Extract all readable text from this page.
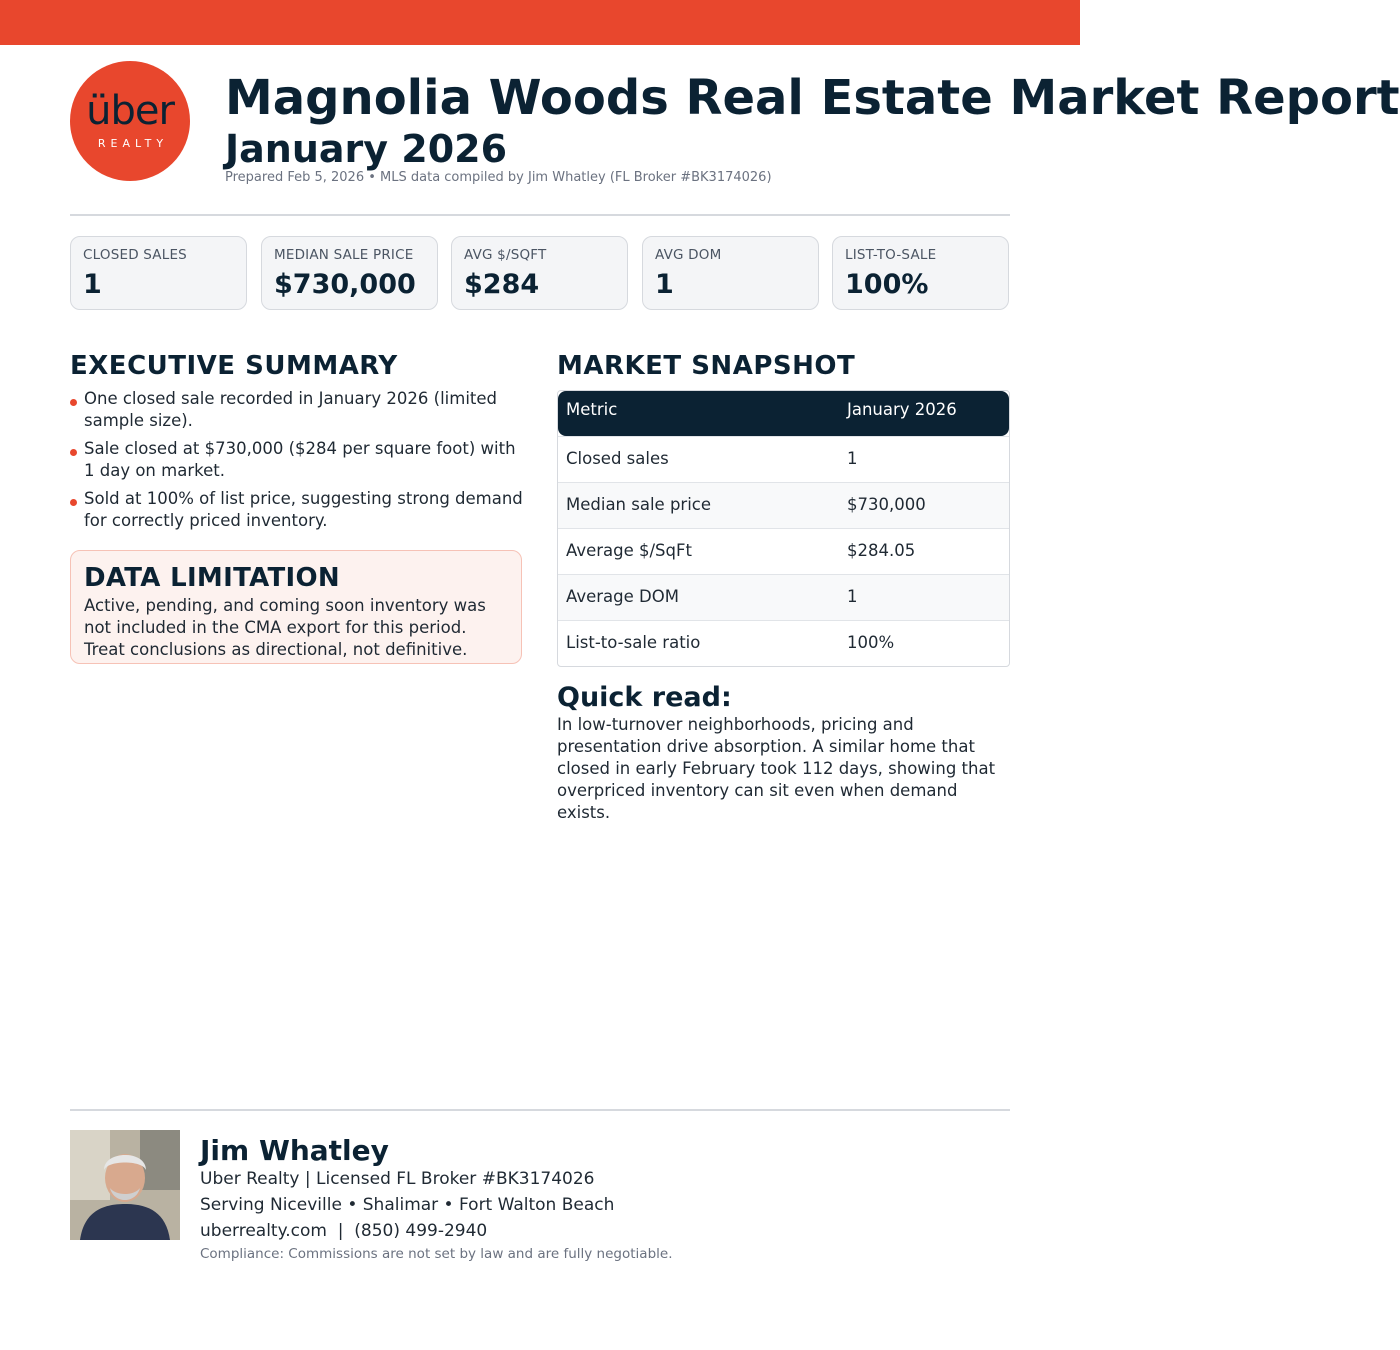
über
REALTY
Magnolia Woods Real Estate Market Report
January 2026
Prepared Feb 5, 2026 • MLS data compiled by Jim Whatley (FL Broker #BK3174026)
CLOSED SALES
1
MEDIAN SALE PRICE
$730,000
AVG $/SQFT
$284
AVG DOM
1
LIST-TO-SALE
100%
EXECUTIVE SUMMARY
One closed sale recorded in January 2026 (limited sample size).
Sale closed at $730,000 ($284 per square foot) with 1 day on market.
Sold at 100% of list price, suggesting strong demand for correctly priced inventory.
DATA LIMITATION
Active, pending, and coming soon inventory was not included in the CMA export for this period. Treat conclusions as directional, not definitive.
MARKET SNAPSHOT
Metric	January 2026
Closed sales	1
Median sale price	$730,000
Average $/SqFt	$284.05
Average DOM	1
List-to-sale ratio	100%
Quick read:
In low-turnover neighborhoods, pricing and presentation drive absorption. A similar home that closed in early February took 112 days, showing that overpriced inventory can sit even when demand exists.
Jim Whatley
Uber Realty | Licensed FL Broker #BK3174026
Serving Niceville • Shalimar • Fort Walton Beach
uberrealty.com  |  (850) 499-2940
Compliance: Commissions are not set by law and are fully negotiable.
